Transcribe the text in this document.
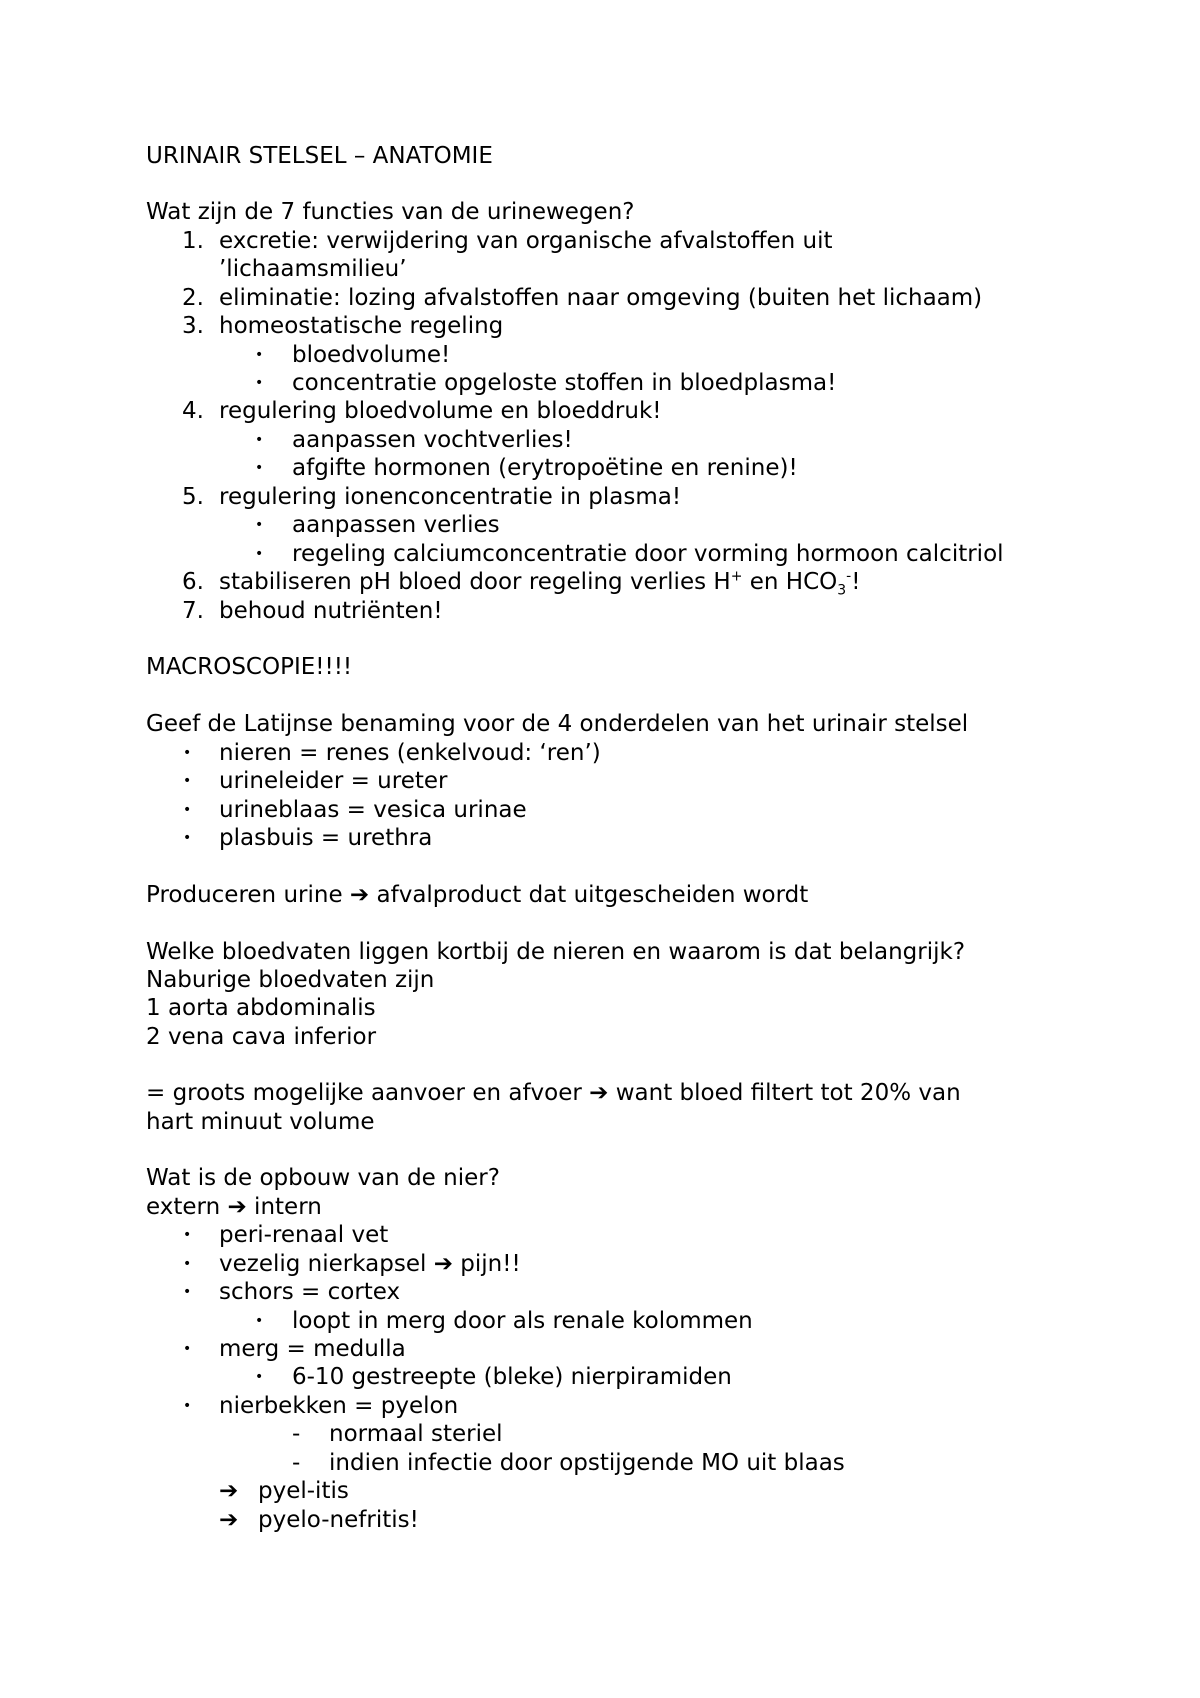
URINAIR STELSEL – ANATOMIE
Wat zijn de 7 functies van de urinewegen?
1. excretie: verwijdering van organische afvalstoffen uit
’lichaamsmilieu’
2. eliminatie: lozing afvalstoffen naar omgeving (buiten het lichaam)
3. homeostatische regeling
• bloedvolume!
• concentratie opgeloste stoffen in bloedplasma!
4. regulering bloedvolume en bloeddruk!
• aanpassen vochtverlies!
• afgifte hormonen (erytropoëtine en renine)!
5. regulering ionenconcentratie in plasma!
• aanpassen verlies
• regeling calciumconcentratie door vorming hormoon calcitriol
6. stabiliseren pH bloed door regeling verlies H+ en $HCO_3^-$!
7. behoud nutriënten!
MACROSCOPIE!!!!
Geef de Latijnse benaming voor de 4 onderdelen van het urinair stelsel
• nieren = renes (enkelvoud: ‘ren’)
• urineleider = ureter
• urineblaas = vesica urinae
• plasbuis = urethra
Produceren urine ➔ afvalproduct dat uitgescheiden wordt
Welke bloedvaten liggen kortbij de nieren en waarom is dat belangrijk?
Naburige bloedvaten zijn
1 aorta abdominalis
2 vena cava inferior
= groots mogelijke aanvoer en afvoer ➔ want bloed filtert tot 20% van
hart minuut volume
Wat is de opbouw van de nier?
extern ➔ intern
• peri-renaal vet
• vezelig nierkapsel ➔ pijn!!
• schors = cortex
• loopt in merg door als renale kolommen
• merg = medulla
• 6-10 gestreepte (bleke) nierpiramiden
• nierbekken = pyelon
- normaal steriel
- indien infectie door opstijgende MO uit blaas
➔ pyel-itis
➔ pyelo-nefritis!
